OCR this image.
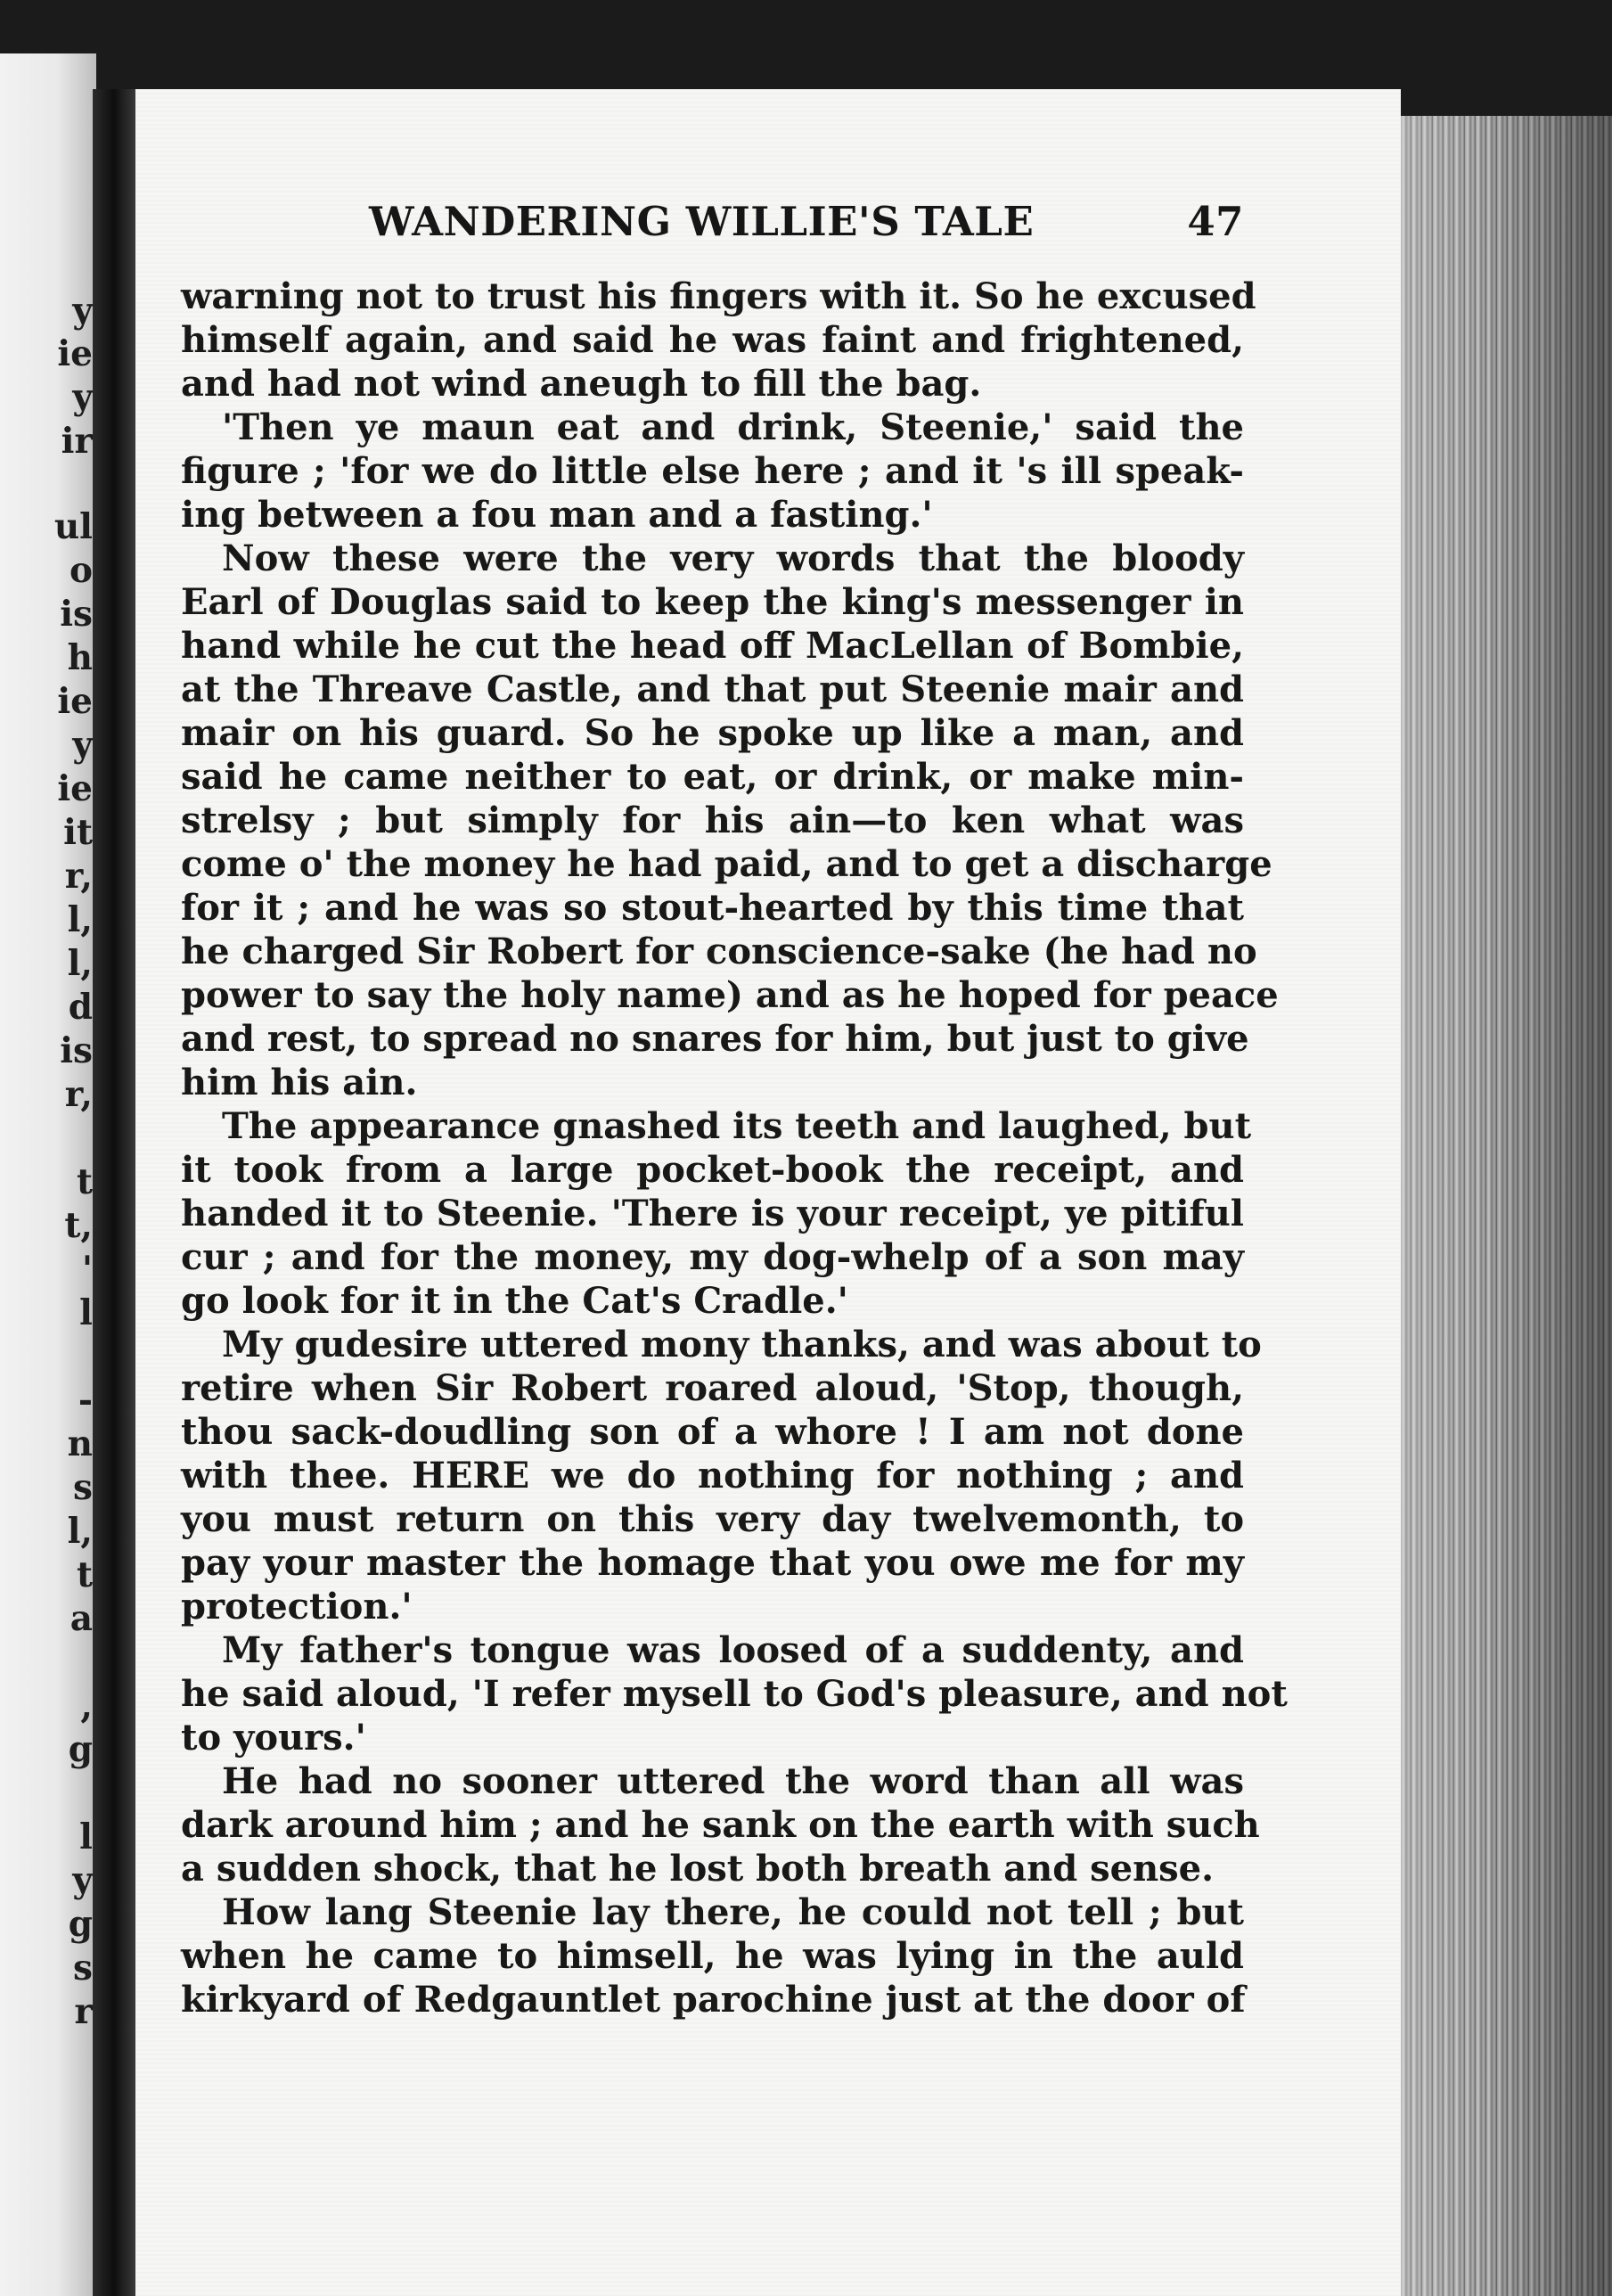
y
ie
y
ir
ul
o
is
h
ie
y
ie
it
r,
l,
l,
d
is
r,
t
t,
'
l
-
n
s
l,
t
a
,
g
l
y
g
s
r
WANDERING WILLIE'S TALE	47
warning not to trust his fingers with it. So he excused
himself again, and said he was faint and frightened,
and had not wind aneugh to fill the bag.
'Then ye maun eat and drink, Steenie,' said the
figure ; 'for we do little else here ; and it 's ill speak-
ing between a fou man and a fasting.'
Now these were the very words that the bloody
Earl of Douglas said to keep the king's messenger in
hand while he cut the head off MacLellan of Bombie,
at the Threave Castle, and that put Steenie mair and
mair on his guard. So he spoke up like a man, and
said he came neither to eat, or drink, or make min-
strelsy ; but simply for his ain—to ken what was
come o' the money he had paid, and to get a discharge
for it ; and he was so stout-hearted by this time that
he charged Sir Robert for conscience-sake (he had no
power to say the holy name) and as he hoped for peace
and rest, to spread no snares for him, but just to give
him his ain.
The appearance gnashed its teeth and laughed, but
it took from a large pocket-book the receipt, and
handed it to Steenie. 'There is your receipt, ye pitiful
cur ; and for the money, my dog-whelp of a son may
go look for it in the Cat's Cradle.'
My gudesire uttered mony thanks, and was about to
retire when Sir Robert roared aloud, 'Stop, though,
thou sack-doudling son of a whore ! I am not done
with thee. HERE we do nothing for nothing ; and
you must return on this very day twelvemonth, to
pay your master the homage that you owe me for my
protection.'
My father's tongue was loosed of a suddenty, and
he said aloud, 'I refer mysell to God's pleasure, and not
to yours.'
He had no sooner uttered the word than all was
dark around him ; and he sank on the earth with such
a sudden shock, that he lost both breath and sense.
How lang Steenie lay there, he could not tell ; but
when he came to himsell, he was lying in the auld
kirkyard of Redgauntlet parochine just at the door of
